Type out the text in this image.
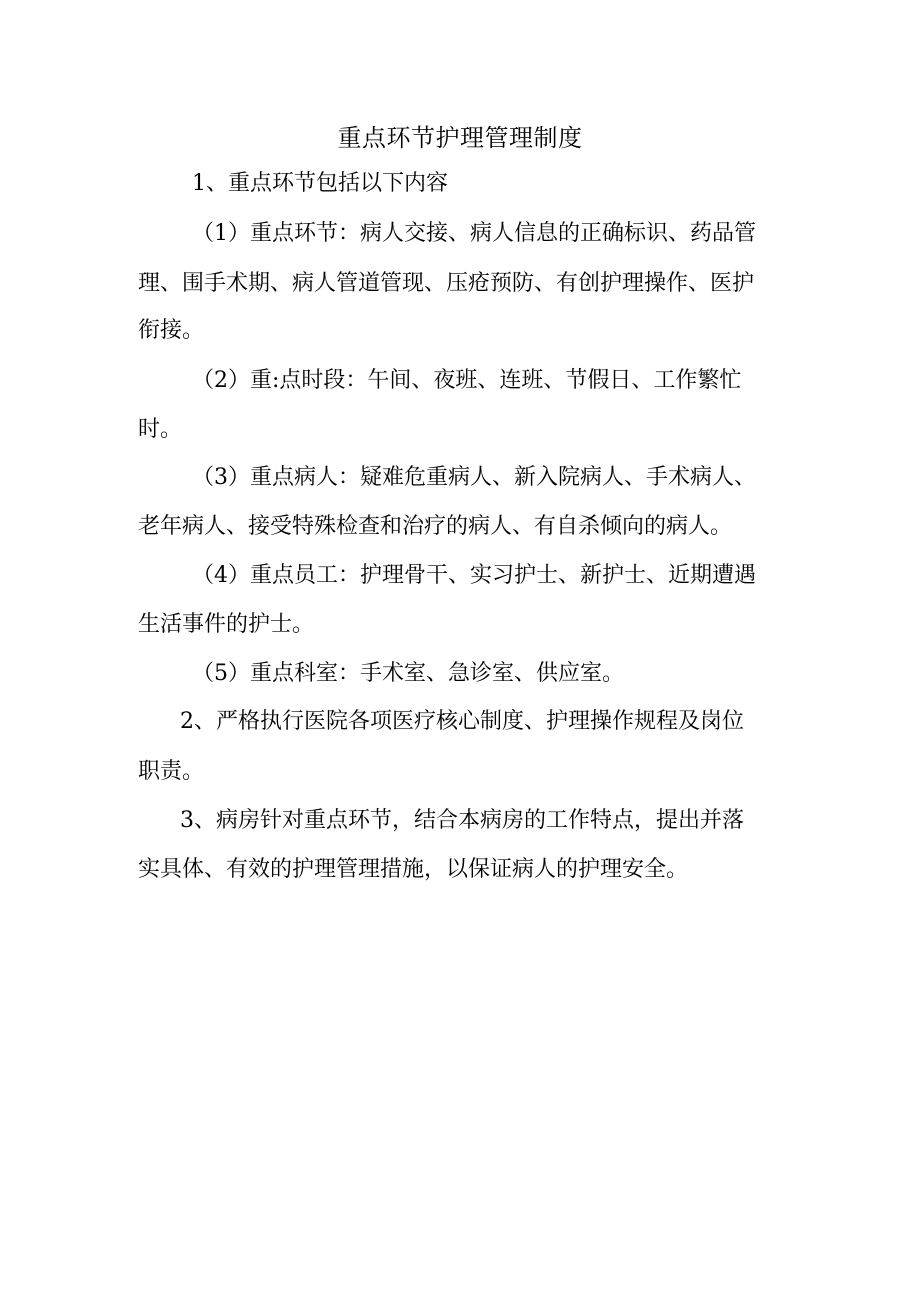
重点环节护理管理制度
1、重点环节包括以下内容
（1）重点环节：病人交接、病人信息的正确标识、药品管
理、围手术期、病人管道管现、压疮预防、有创护理操作、医护
衔接。
（2）重:点时段：午间、夜班、连班、节假日、工作繁忙
时。
（3）重点病人：疑难危重病人、新入院病人、手术病人、
老年病人、接受特殊检查和治疗的病人、有自杀倾向的病人。
（4）重点员工：护理骨干、实习护士、新护士、近期遭遇
生活事件的护士。
（5）重点科室：手术室、急诊室、供应室。
2、严格执行医院各项医疗核心制度、护理操作规程及岗位
职责。
3、病房针对重点环节，结合本病房的工作特点，提出并落
实具体、有效的护理管理措施，以保证病人的护理安全。
